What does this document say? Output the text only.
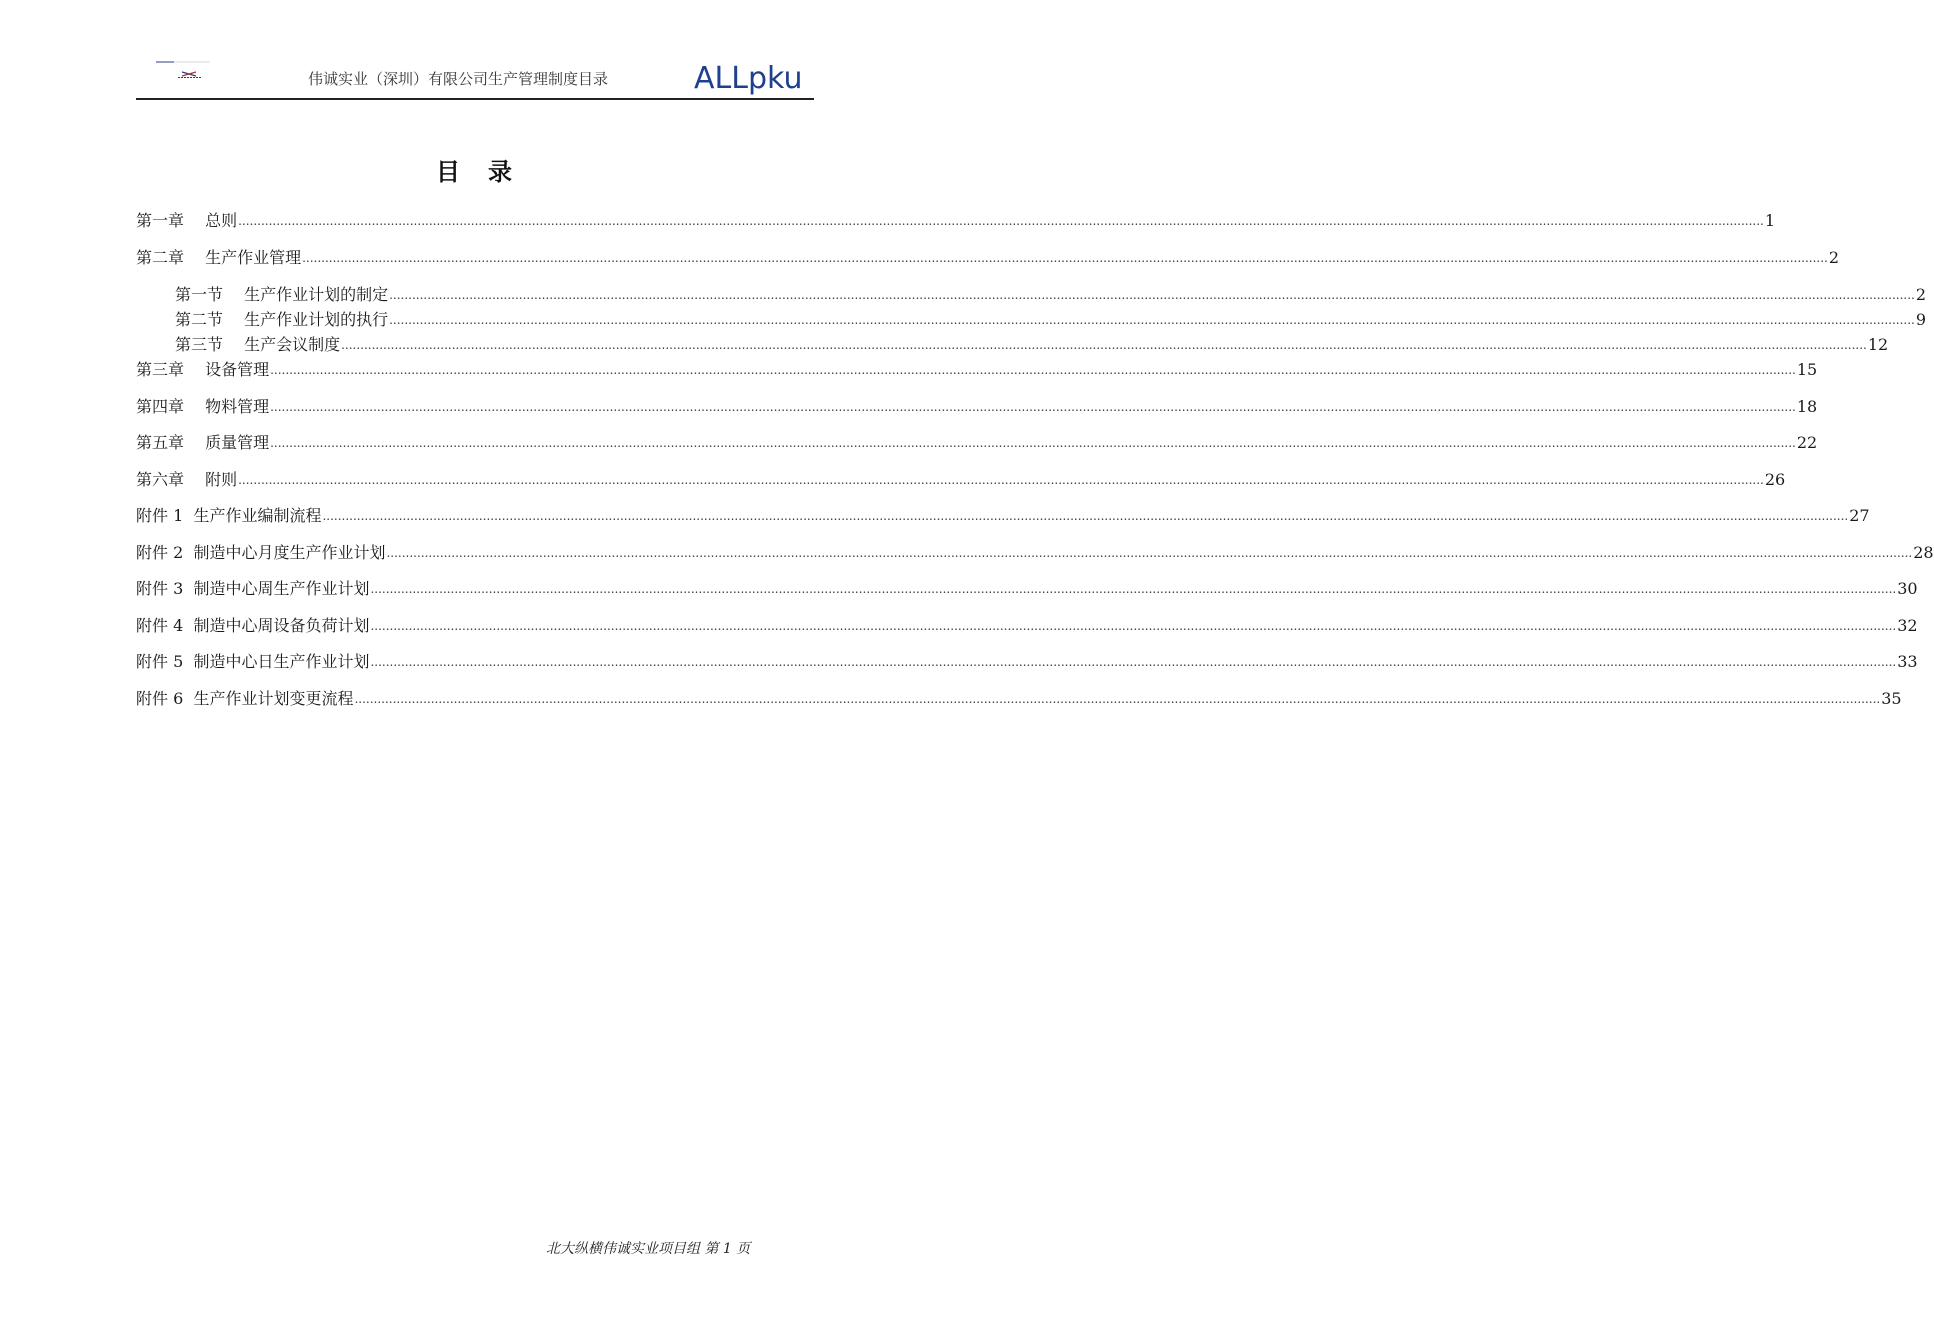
伟诚实业（深圳）有限公司生产管理制度目录	ALLpku
目　录
第一章　 总则 ................................................................................................................................................................................................................................................................................................................................................................................................................ 1
第二章　 生产作业管理 ................................................................................................................................................................................................................................................................................................................................................................................................................ 2
第一节　 生产作业计划的制定 ................................................................................................................................................................................................................................................................................................................................................................................................................ 2
第二节　 生产作业计划的执行 ................................................................................................................................................................................................................................................................................................................................................................................................................ 9
第三节　 生产会议制度 ................................................................................................................................................................................................................................................................................................................................................................................................................ 12
第三章　 设备管理 ................................................................................................................................................................................................................................................................................................................................................................................................................ 15
第四章　 物料管理 ................................................................................................................................................................................................................................................................................................................................................................................................................ 18
第五章　 质量管理 ................................................................................................................................................................................................................................................................................................................................................................................................................ 22
第六章　 附则 ................................................................................................................................................................................................................................................................................................................................................................................................................ 26
附件 1  生产作业编制流程 ................................................................................................................................................................................................................................................................................................................................................................................................................ 27
附件 2  制造中心月度生产作业计划 ................................................................................................................................................................................................................................................................................................................................................................................................................ 28
附件 3  制造中心周生产作业计划 ................................................................................................................................................................................................................................................................................................................................................................................................................ 30
附件 4  制造中心周设备负荷计划 ................................................................................................................................................................................................................................................................................................................................................................................................................ 32
附件 5  制造中心日生产作业计划 ................................................................................................................................................................................................................................................................................................................................................................................................................ 33
附件 6  生产作业计划变更流程 ................................................................................................................................................................................................................................................................................................................................................................................................................ 35
北大纵横伟诚实业项目组 第 1 页
